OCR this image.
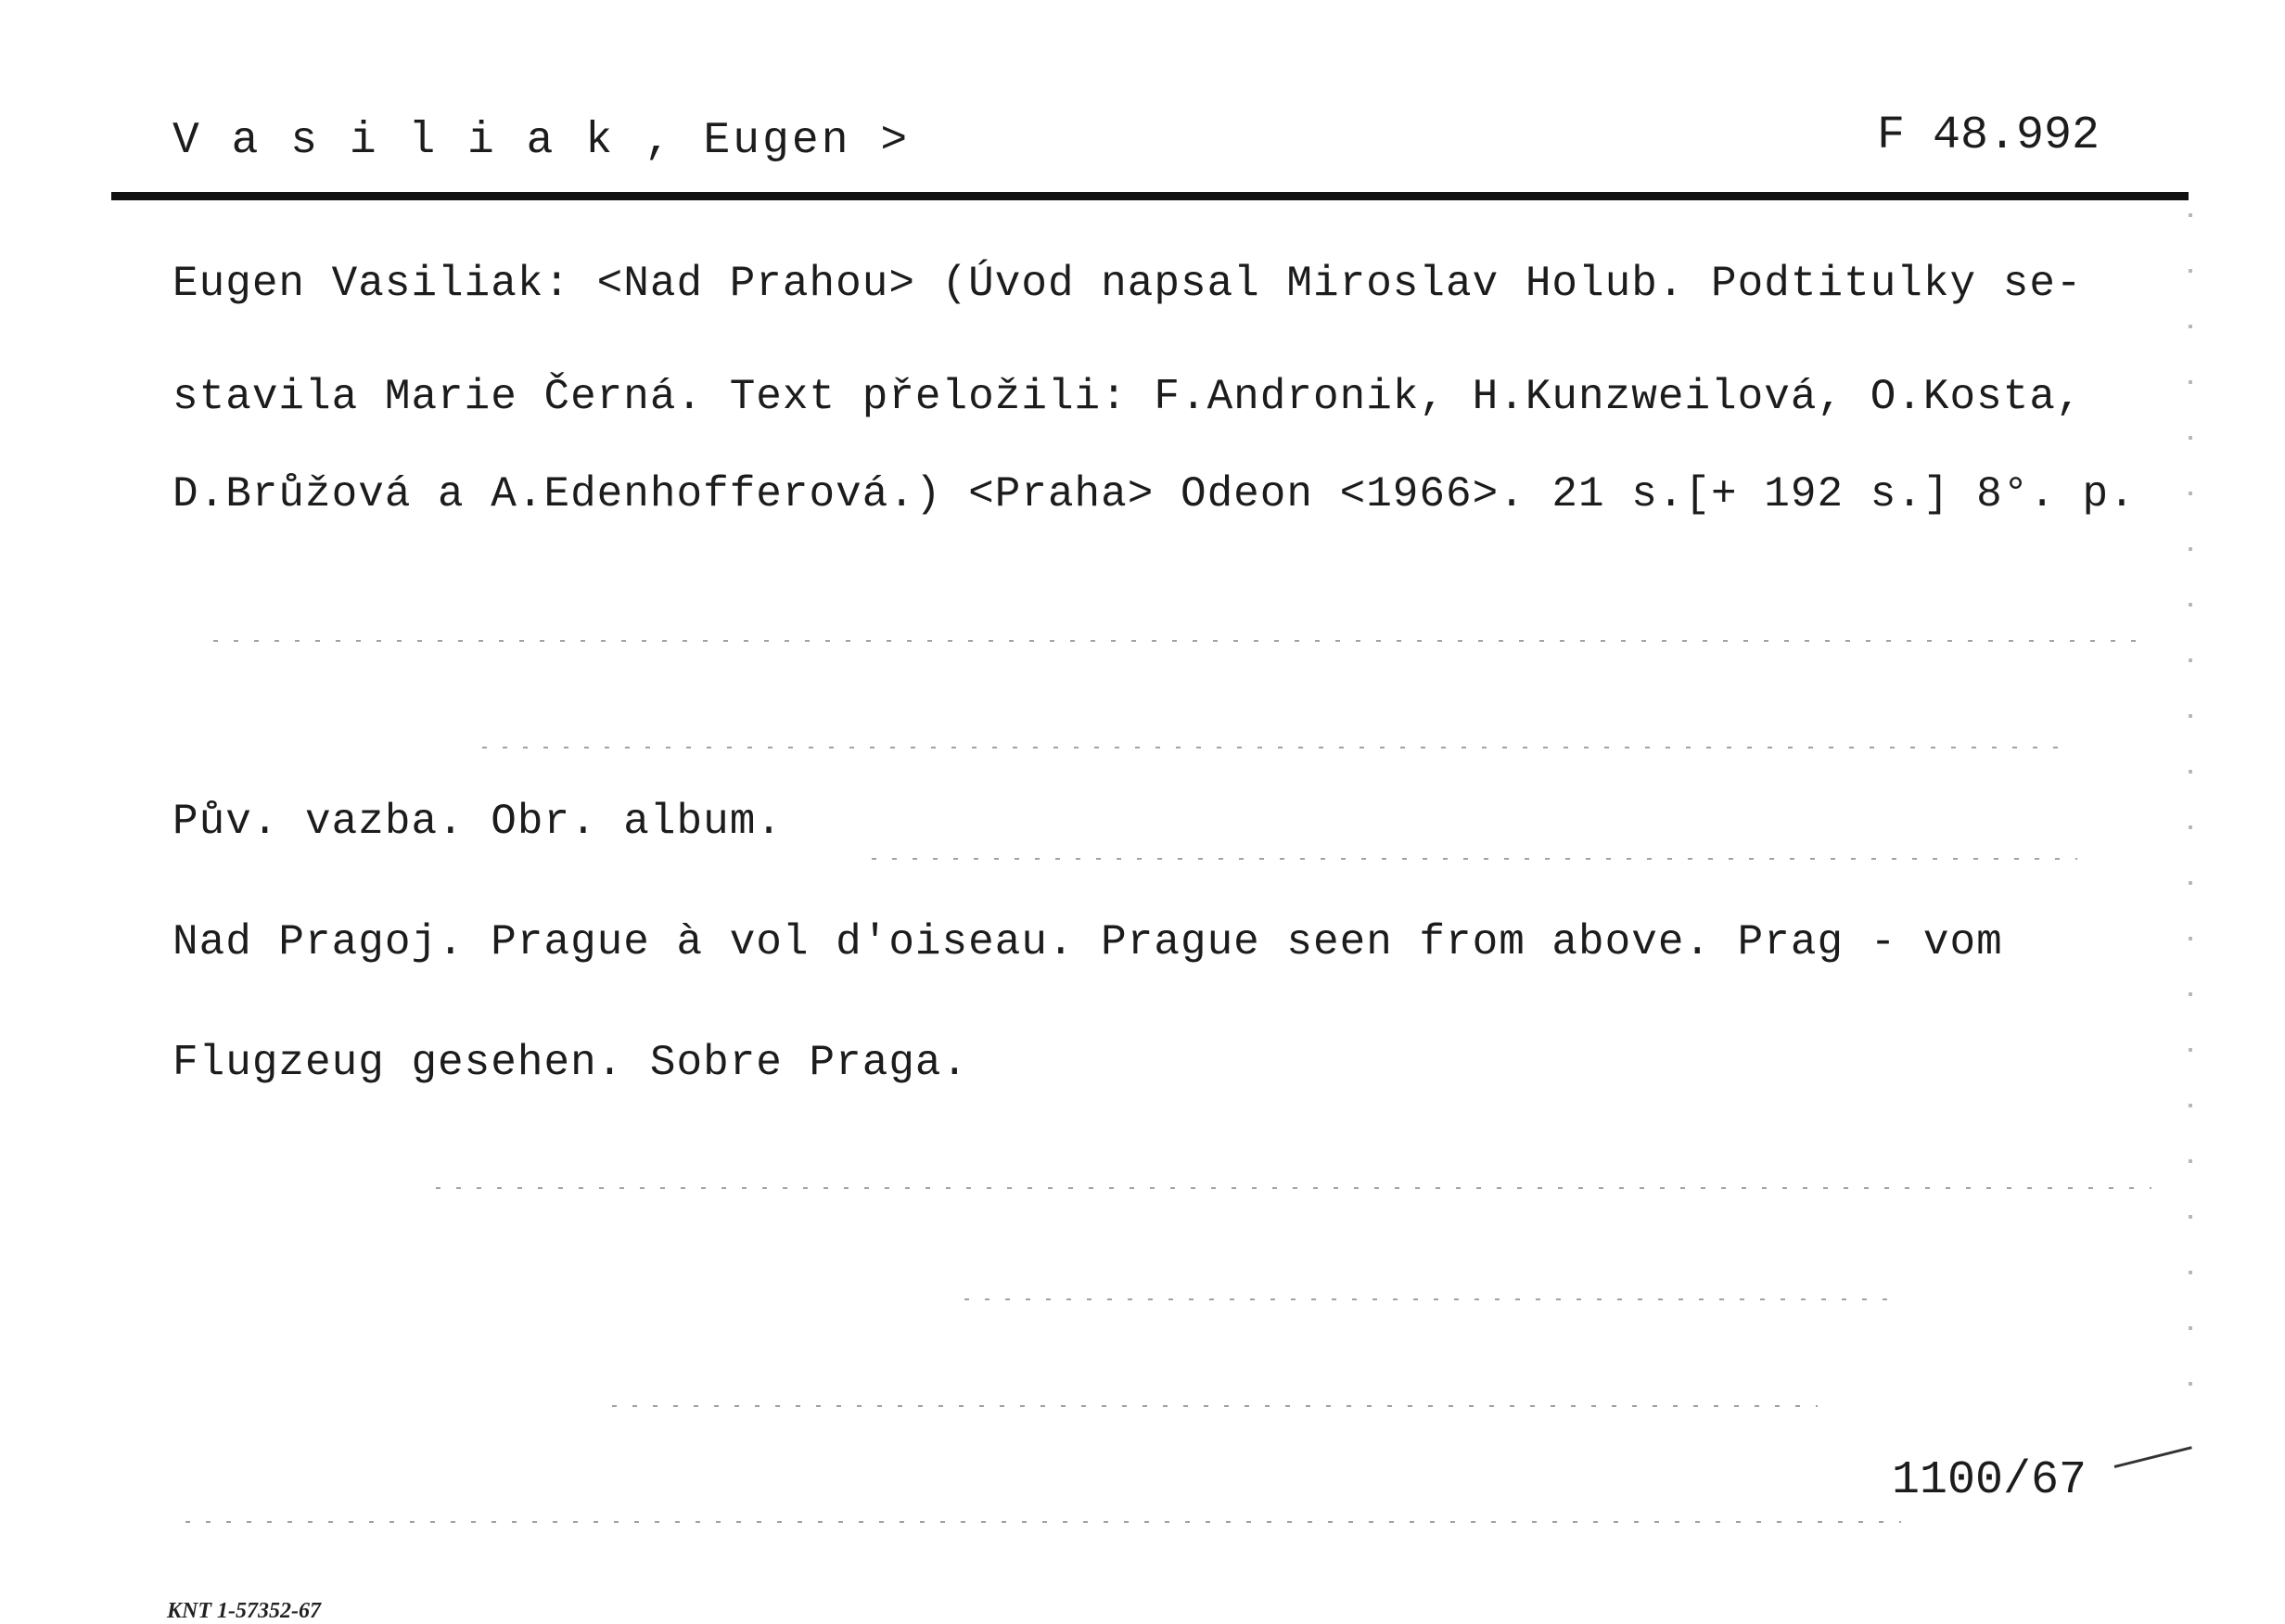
V a s i l i a k , Eugen >	F 48.992
Eugen Vasiliak: <Nad Prahou> (Úvod napsal Miroslav Holub. Podtitulky se-
stavila Marie Černá. Text přeložili: F.Andronik, H.Kunzweilová, O.Kosta,
D.Brůžová a A.Edenhofferová.) <Praha> Odeon <1966>. 21 s.[+ 192 s.] 8°. p.
Pův. vazba. Obr. album.
Nad Pragoj. Prague à vol d'oiseau. Prague seen from above. Prag - vom
Flugzeug gesehen. Sobre Praga.
1100/67
KNT 1-57352-67
